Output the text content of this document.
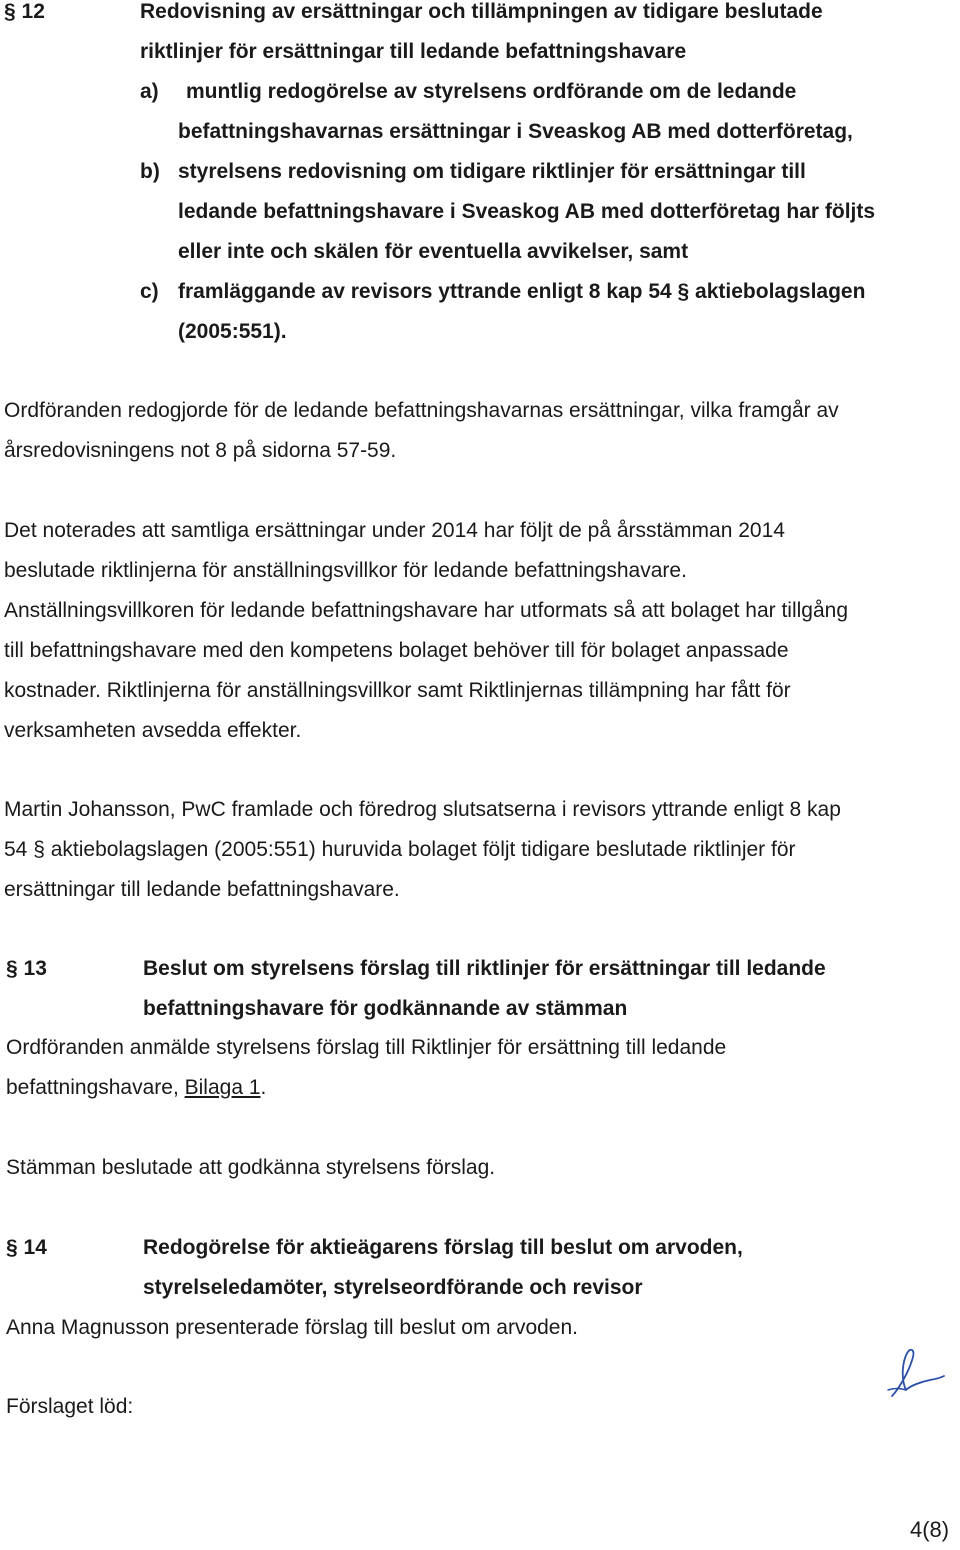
§ 12	Redovisning av ersättningar och tillämpningen av tidigare beslutade
riktlinjer för ersättningar till ledande befattningshavare
a) muntlig redogörelse av styrelsens ordförande om de ledande
befattningshavarnas ersättningar i Sveaskog AB med dotterföretag,
b) styrelsens redovisning om tidigare riktlinjer för ersättningar till
ledande befattningshavare i Sveaskog AB med dotterföretag har följts
eller inte och skälen för eventuella avvikelser, samt
c) framläggande av revisors yttrande enligt 8 kap 54 § aktiebolagslagen
(2005:551).
Ordföranden redogjorde för de ledande befattningshavarnas ersättningar, vilka framgår av
årsredovisningens not 8 på sidorna 57-59.
Det noterades att samtliga ersättningar under 2014 har följt de på årsstämman 2014
beslutade riktlinjerna för anställningsvillkor för ledande befattningshavare.
Anställningsvillkoren för ledande befattningshavare har utformats så att bolaget har tillgång
till befattningshavare med den kompetens bolaget behöver till för bolaget anpassade
kostnader. Riktlinjerna för anställningsvillkor samt Riktlinjernas tillämpning har fått för
verksamheten avsedda effekter.
Martin Johansson, PwC framlade och föredrog slutsatserna i revisors yttrande enligt 8 kap
54 § aktiebolagslagen (2005:551) huruvida bolaget följt tidigare beslutade riktlinjer för
ersättningar till ledande befattningshavare.
§ 13	Beslut om styrelsens förslag till riktlinjer för ersättningar till ledande
befattningshavare för godkännande av stämman
Ordföranden anmälde styrelsens förslag till Riktlinjer för ersättning till ledande
befattningshavare, Bilaga 1.
Stämman beslutade att godkänna styrelsens förslag.
§ 14	Redogörelse för aktieägarens förslag till beslut om arvoden,
styrelseledamöter, styrelseordförande och revisor
Anna Magnusson presenterade förslag till beslut om arvoden.
Förslaget löd:
4(8)
